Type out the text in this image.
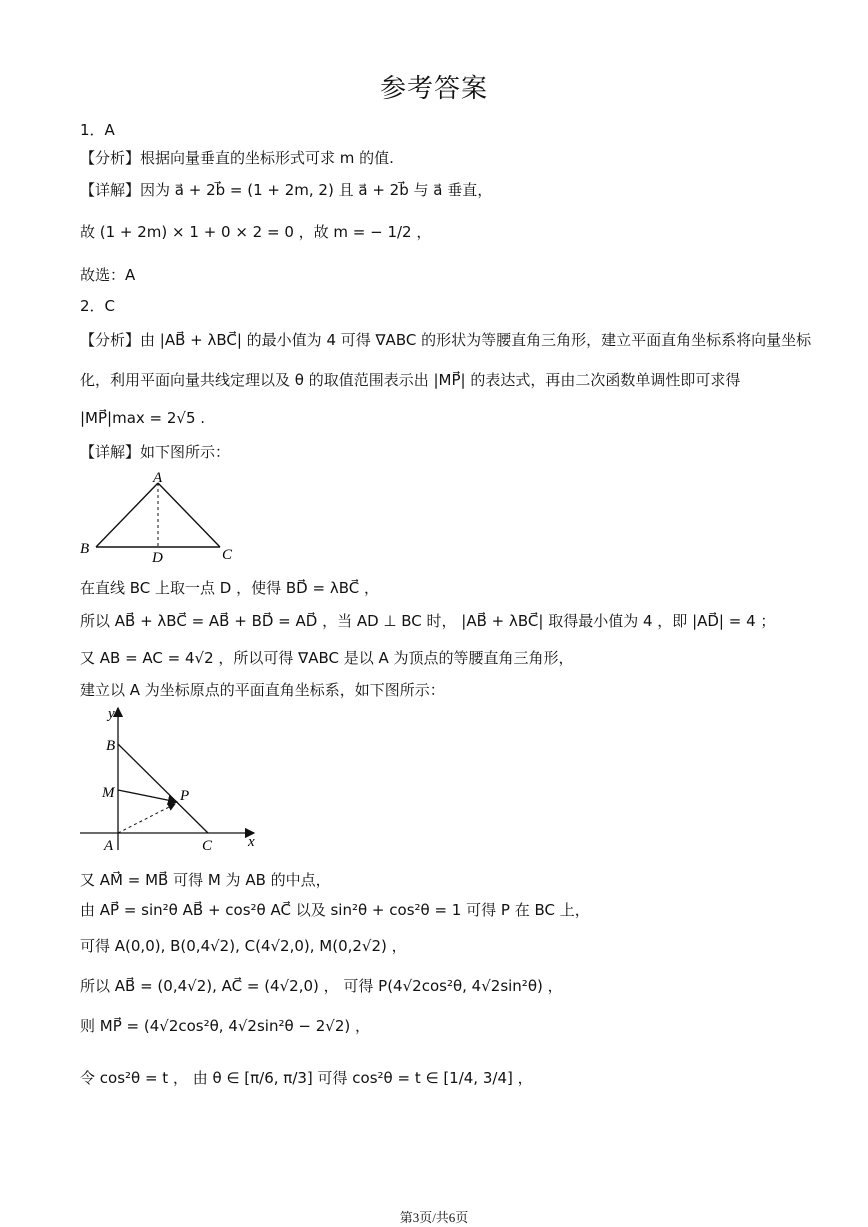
参考答案
1．A
【分析】根据向量垂直的坐标形式可求 m 的值.
【详解】因为 a⃗ + 2b⃗ = (1 + 2m, 2) 且 a⃗ + 2b⃗ 与 a⃗ 垂直，
故 (1 + 2m) × 1 + 0 × 2 = 0 ，故 m = − 1/2 ，
故选：A
2．C
【分析】由 |AB⃗ + λBC⃗| 的最小值为 4 可得 ∇ABC 的形状为等腰直角三角形，建立平面直角坐标系将向量坐标
化，利用平面向量共线定理以及 θ 的取值范围表示出 |MP⃗| 的表达式，再由二次函数单调性即可求得
|MP⃗|max = 2√5 .
【详解】如下图所示：
A
B	C
D
在直线 BC 上取一点 D ，使得 BD⃗ = λBC⃗ ，
所以 AB⃗ + λBC⃗ = AB⃗ + BD⃗ = AD⃗ ，当 AD ⊥ BC 时， |AB⃗ + λBC⃗| 取得最小值为 4 ，即 |AD⃗| = 4 ；
又 AB = AC = 4√2 ，所以可得 ∇ABC 是以 A 为顶点的等腰直角三角形，
建立以 A 为坐标原点的平面直角坐标系，如下图所示：
y
x
B
M	P
A	C
又 AM⃗ = MB⃗ 可得 M 为 AB 的中点，
由 AP⃗ = sin²θ AB⃗ + cos²θ AC⃗ 以及 sin²θ + cos²θ = 1 可得 P 在 BC 上，
可得 A(0,0), B(0,4√2), C(4√2,0), M(0,2√2) ，
所以 AB⃗ = (0,4√2), AC⃗ = (4√2,0) ， 可得 P(4√2cos²θ, 4√2sin²θ) ，
则 MP⃗ = (4√2cos²θ, 4√2sin²θ − 2√2) ，
令 cos²θ = t ， 由 θ ∈ [π/6, π/3] 可得 cos²θ = t ∈ [1/4, 3/4] ，
第3页/共6页
